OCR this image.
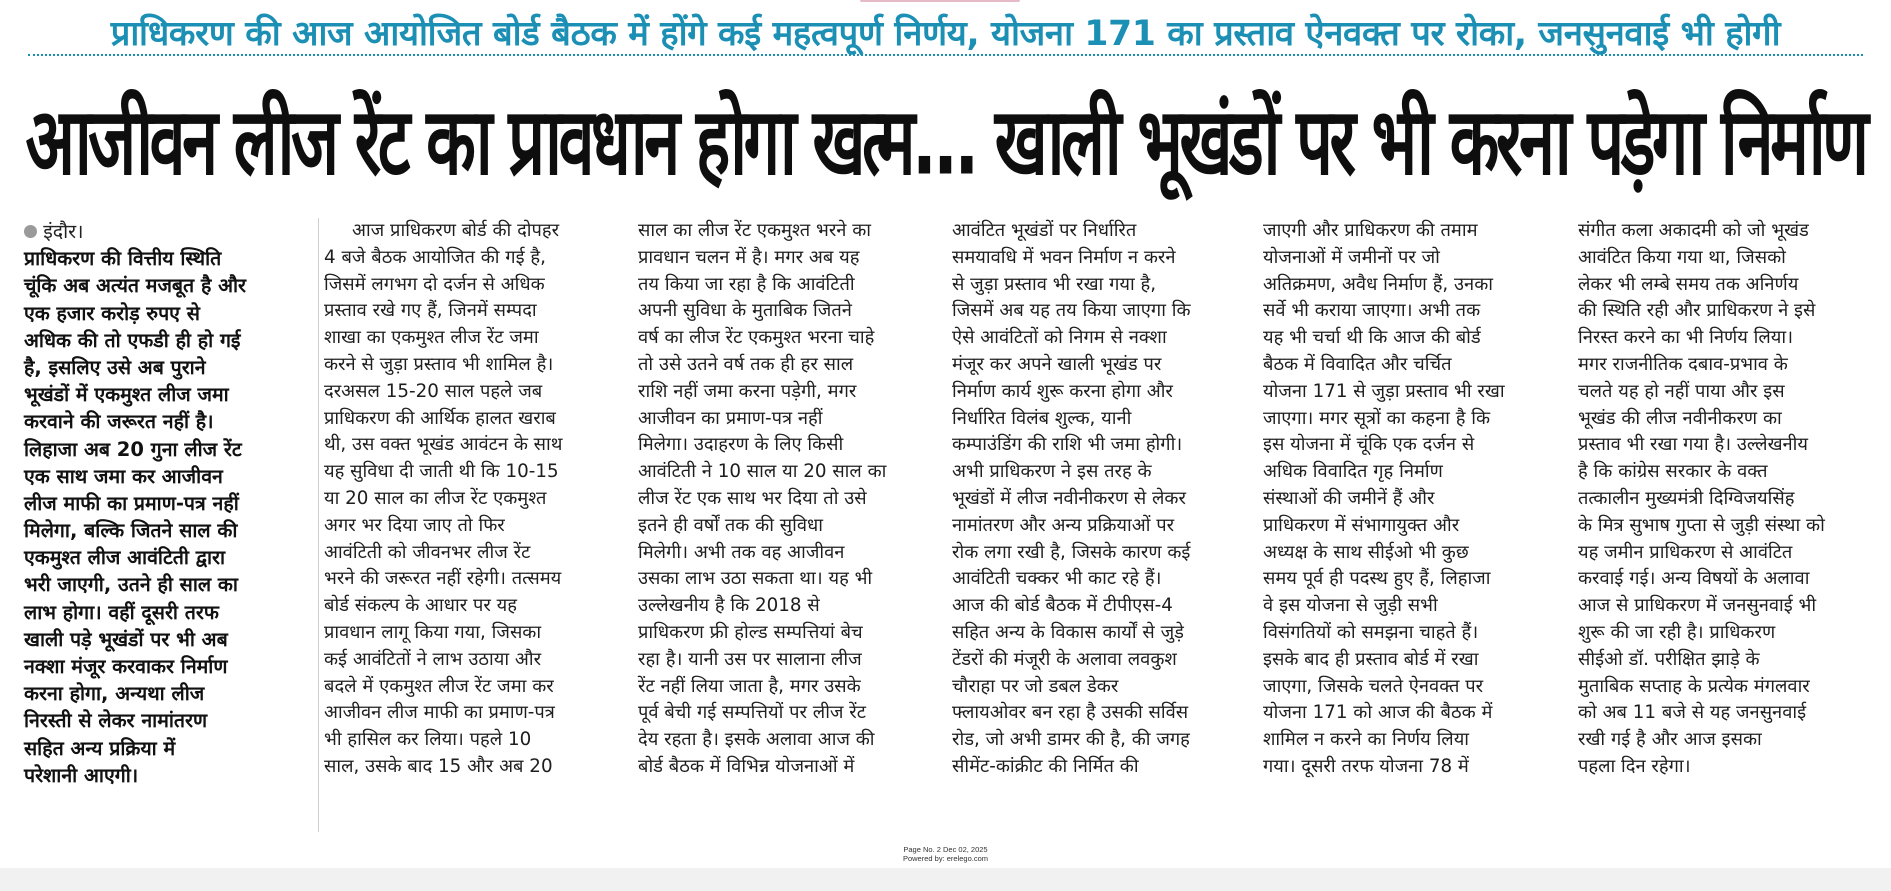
प्राधिकरण की आज आयोजित बोर्ड बैठक में होंगे कई महत्वपूर्ण निर्णय, योजना 171 का प्रस्ताव ऐनवक्त पर रोका, जनसुनवाई भी होगी
आजीवन लीज रेंट का प्रावधान होगा खत्म... खाली भूखंडों पर भी करना पड़ेगा निर्माण
इंदौर।
प्राधिकरण की वित्तीय स्थिति
चूंकि अब अत्यंत मजबूत है और
एक हजार करोड़ रुपए से
अधिक की तो एफडी ही हो गई
है, इसलिए उसे अब पुराने
भूखंडों में एकमुश्त लीज जमा
करवाने की जरूरत नहीं है।
लिहाजा अब 20 गुना लीज रेंट
एक साथ जमा कर आजीवन
लीज माफी का प्रमाण-पत्र नहीं
मिलेगा, बल्कि जितने साल की
एकमुश्त लीज आवंटिती द्वारा
भरी जाएगी, उतने ही साल का
लाभ होगा। वहीं दूसरी तरफ
खाली पड़े भूखंडों पर भी अब
नक्शा मंजूर करवाकर निर्माण
करना होगा, अन्यथा लीज
निरस्ती से लेकर नामांतरण
सहित अन्य प्रक्रिया में
परेशानी आएगी।
आज प्राधिकरण बोर्ड की दोपहर
4 बजे बैठक आयोजित की गई है,
जिसमें लगभग दो दर्जन से अधिक
प्रस्ताव रखे गए हैं, जिनमें सम्पदा
शाखा का एकमुश्त लीज रेंट जमा
करने से जुड़ा प्रस्ताव भी शामिल है।
दरअसल 15-20 साल पहले जब
प्राधिकरण की आर्थिक हालत खराब
थी, उस वक्त भूखंड आवंटन के साथ
यह सुविधा दी जाती थी कि 10-15
या 20 साल का लीज रेंट एकमुश्त
अगर भर दिया जाए तो फिर
आवंटिती को जीवनभर लीज रेंट
भरने की जरूरत नहीं रहेगी। तत्समय
बोर्ड संकल्प के आधार पर यह
प्रावधान लागू किया गया, जिसका
कई आवंटितों ने लाभ उठाया और
बदले में एकमुश्त लीज रेंट जमा कर
आजीवन लीज माफी का प्रमाण-पत्र
भी हासिल कर लिया। पहले 10
साल, उसके बाद 15 और अब 20
साल का लीज रेंट एकमुश्त भरने का
प्रावधान चलन में है। मगर अब यह
तय किया जा रहा है कि आवंटिती
अपनी सुविधा के मुताबिक जितने
वर्ष का लीज रेंट एकमुश्त भरना चाहे
तो उसे उतने वर्ष तक ही हर साल
राशि नहीं जमा करना पड़ेगी, मगर
आजीवन का प्रमाण-पत्र नहीं
मिलेगा। उदाहरण के लिए किसी
आवंटिती ने 10 साल या 20 साल का
लीज रेंट एक साथ भर दिया तो उसे
इतने ही वर्षों तक की सुविधा
मिलेगी। अभी तक वह आजीवन
उसका लाभ उठा सकता था। यह भी
उल्लेखनीय है कि 2018 से
प्राधिकरण फ्री होल्ड सम्पत्तियां बेच
रहा है। यानी उस पर सालाना लीज
रेंट नहीं लिया जाता है, मगर उसके
पूर्व बेची गई सम्पत्तियों पर लीज रेंट
देय रहता है। इसके अलावा आज की
बोर्ड बैठक में विभिन्न योजनाओं में
आवंटित भूखंडों पर निर्धारित
समयावधि में भवन निर्माण न करने
से जुड़ा प्रस्ताव भी रखा गया है,
जिसमें अब यह तय किया जाएगा कि
ऐसे आवंटितों को निगम से नक्शा
मंजूर कर अपने खाली भूखंड पर
निर्माण कार्य शुरू करना होगा और
निर्धारित विलंब शुल्क, यानी
कम्पाउंडिंग की राशि भी जमा होगी।
अभी प्राधिकरण ने इस तरह के
भूखंडों में लीज नवीनीकरण से लेकर
नामांतरण और अन्य प्रक्रियाओं पर
रोक लगा रखी है, जिसके कारण कई
आवंटिती चक्कर भी काट रहे हैं।
आज की बोर्ड बैठक में टीपीएस-4
सहित अन्य के विकास कार्यों से जुड़े
टेंडरों की मंजूरी के अलावा लवकुश
चौराहा पर जो डबल डेकर
फ्लायओवर बन रहा है उसकी सर्विस
रोड, जो अभी डामर की है, की जगह
सीमेंट-कांक्रीट की निर्मित की
जाएगी और प्राधिकरण की तमाम
योजनाओं में जमीनों पर जो
अतिक्रमण, अवैध निर्माण हैं, उनका
सर्वे भी कराया जाएगा। अभी तक
यह भी चर्चा थी कि आज की बोर्ड
बैठक में विवादित और चर्चित
योजना 171 से जुड़ा प्रस्ताव भी रखा
जाएगा। मगर सूत्रों का कहना है कि
इस योजना में चूंकि एक दर्जन से
अधिक विवादित गृह निर्माण
संस्थाओं की जमीनें हैं और
प्राधिकरण में संभागायुक्त और
अध्यक्ष के साथ सीईओ भी कुछ
समय पूर्व ही पदस्थ हुए हैं, लिहाजा
वे इस योजना से जुड़ी सभी
विसंगतियों को समझना चाहते हैं।
इसके बाद ही प्रस्ताव बोर्ड में रखा
जाएगा, जिसके चलते ऐनवक्त पर
योजना 171 को आज की बैठक में
शामिल न करने का निर्णय लिया
गया। दूसरी तरफ योजना 78 में
संगीत कला अकादमी को जो भूखंड
आवंटित किया गया था, जिसको
लेकर भी लम्बे समय तक अनिर्णय
की स्थिति रही और प्राधिकरण ने इसे
निरस्त करने का भी निर्णय लिया।
मगर राजनीतिक दबाव-प्रभाव के
चलते यह हो नहीं पाया और इस
भूखंड की लीज नवीनीकरण का
प्रस्ताव भी रखा गया है। उल्लेखनीय
है कि कांग्रेस सरकार के वक्त
तत्कालीन मुख्यमंत्री दिग्विजयसिंह
के मित्र सुभाष गुप्ता से जुड़ी संस्था को
यह जमीन प्राधिकरण से आवंटित
करवाई गई। अन्य विषयों के अलावा
आज से प्राधिकरण में जनसुनवाई भी
शुरू की जा रही है। प्राधिकरण
सीईओ डॉ. परीक्षित झाड़े के
मुताबिक सप्ताह के प्रत्येक मंगलवार
को अब 11 बजे से यह जनसुनवाई
रखी गई है और आज इसका
पहला दिन रहेगा।
Page No. 2 Dec 02, 2025
Powered by: erelego.com
